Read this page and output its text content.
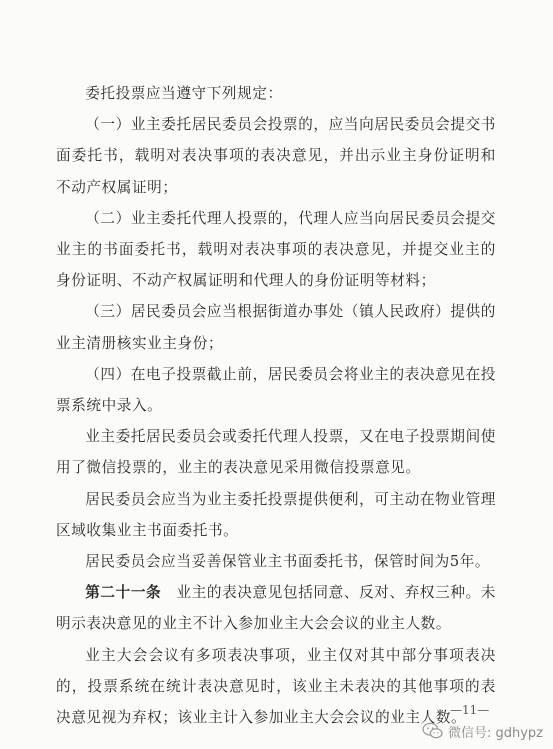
委托投票应当遵守下列规定：

（一）业主委托居民委员会投票的，应当向居民委员会提交书面委托书，载明对表决事项的表决意见，并出示业主身份证明和不动产权属证明；

（二）业主委托代理人投票的，代理人应当向居民委员会提交业主的书面委托书，载明对表决事项的表决意见，并提交业主的身份证明、不动产权属证明和代理人的身份证明等材料；

（三）居民委员会应当根据街道办事处（镇人民政府）提供的业主清册核实业主身份；

（四）在电子投票截止前，居民委员会将业主的表决意见在投票系统中录入。

业主委托居民委员会或委托代理人投票，又在电子投票期间使用了微信投票的，业主的表决意见采用微信投票意见。

居民委员会应当为业主委托投票提供便利，可主动在物业管理区域收集业主书面委托书。

居民委员会应当妥善保管业主书面委托书，保管时间为5年。

第二十一条　 业主的表决意见包括同意、反对、弃权三种。未明示表决意见的业主不计入参加业主大会会议的业主人数。

业主大会会议有多项表决事项，业主仅对其中部分事项表决的，投票系统在统计表决意见时，该业主未表决的其他事项的表决意见视为弃权；该业主计入参加业主大会会议的业主人数。

—11—
微信号: gdhypz
